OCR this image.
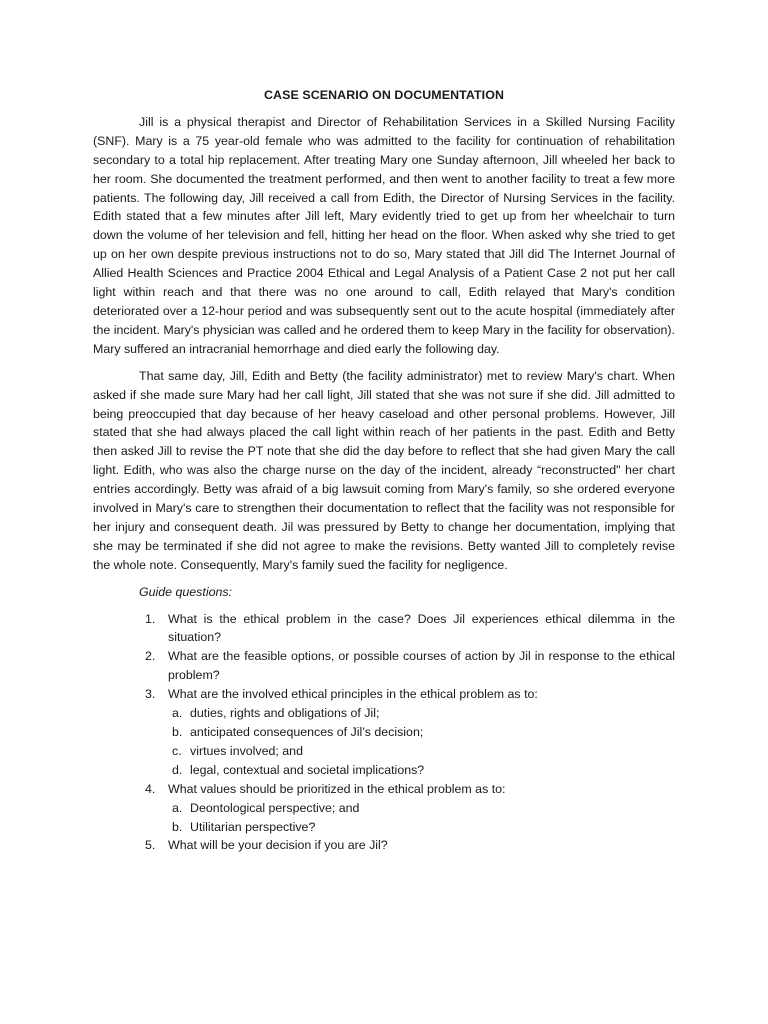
CASE SCENARIO ON DOCUMENTATION

Jill is a physical therapist and Director of Rehabilitation Services in a Skilled Nursing Facility (SNF). Mary is a 75 year-old female who was admitted to the facility for continuation of rehabilitation secondary to a total hip replacement. After treating Mary one Sunday afternoon, Jill wheeled her back to her room. She documented the treatment performed, and then went to another facility to treat a few more patients. The following day, Jill received a call from Edith, the Director of Nursing Services in the facility. Edith stated that a few minutes after Jill left, Mary evidently tried to get up from her wheelchair to turn down the volume of her television and fell, hitting her head on the floor. When asked why she tried to get up on her own despite previous instructions not to do so, Mary stated that Jill did The Internet Journal of Allied Health Sciences and Practice 2004 Ethical and Legal Analysis of a Patient Case 2 not put her call light within reach and that there was no one around to call, Edith relayed that Mary's condition deteriorated over a 12-hour period and was subsequently sent out to the acute hospital (immediately after the incident. Mary's physician was called and he ordered them to keep Mary in the facility for observation). Mary suffered an intracranial hemorrhage and died early the following day.

That same day, Jill, Edith and Betty (the facility administrator) met to review Mary's chart. When asked if she made sure Mary had her call light, Jill stated that she was not sure if she did. Jill admitted to being preoccupied that day because of her heavy caseload and other personal problems. However, Jill stated that she had always placed the call light within reach of her patients in the past. Edith and Betty then asked Jill to revise the PT note that she did the day before to reflect that she had given Mary the call light. Edith, who was also the charge nurse on the day of the incident, already “reconstructed" her chart entries accordingly. Betty was afraid of a big lawsuit coming from Mary's family, so she ordered everyone involved in Mary's care to strengthen their documentation to reflect that the facility was not responsible for her injury and consequent death. Jil was pressured by Betty to change her documentation, implying that she may be terminated if she did not agree to make the revisions. Betty wanted Jill to completely revise the whole note. Consequently, Mary's family sued the facility for negligence.

Guide questions:
1. What is the ethical problem in the case? Does Jil experiences ethical dilemma in the situation?
2. What are the feasible options, or possible courses of action by Jil in response to the ethical problem?
3. What are the involved ethical principles in the ethical problem as to:
a. duties, rights and obligations of Jil;
b. anticipated consequences of Jil’s decision;
c. virtues involved; and
d. legal, contextual and societal implications?
4. What values should be prioritized in the ethical problem as to:
a. Deontological perspective; and
b. Utilitarian perspective?
5. What will be your decision if you are Jil?
